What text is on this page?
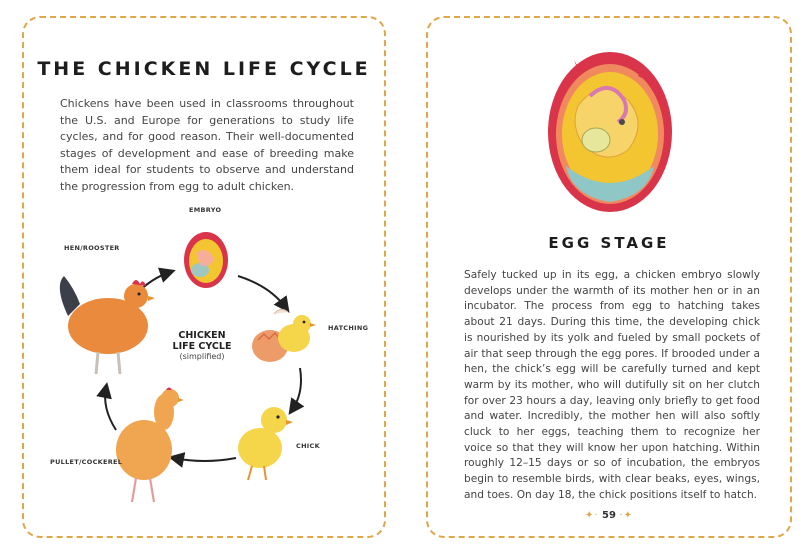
THE CHICKEN LIFE CYCLE
Chickens have been used in classrooms throughout the U.S. and Europe for generations to study life cycles, and for good reason. Their well-documented stages of development and ease of breeding make them ideal for students to observe and understand the progression from egg to adult chicken.
EMBRYO
HEN/ROOSTER
HATCHING
CHICK
PULLET/COCKEREL
CHICKEN
LIFE CYCLE
(simplified)
EGG STAGE
Safely tucked up in its egg, a chicken embryo slowly develops under the warmth of its mother hen or in an incubator. The process from egg to hatching takes about 21 days. During this time, the developing chick is nourished by its yolk and fueled by small pockets of air that seep through the egg pores. If brooded under a hen, the chick’s egg will be carefully turned and kept warm by its mother, who will dutifully sit on her clutch for over 23 hours a day, leaving only briefly to get food and water. Incredibly, the mother hen will also softly cluck to her eggs, teaching them to recognize her voice so that they will know her upon hatching. Within roughly 12–15 days or so of incubation, the embryos begin to resemble birds, with clear beaks, eyes, wings, and toes. On day 18, the chick positions itself to hatch.
✦· 59 ·✦
